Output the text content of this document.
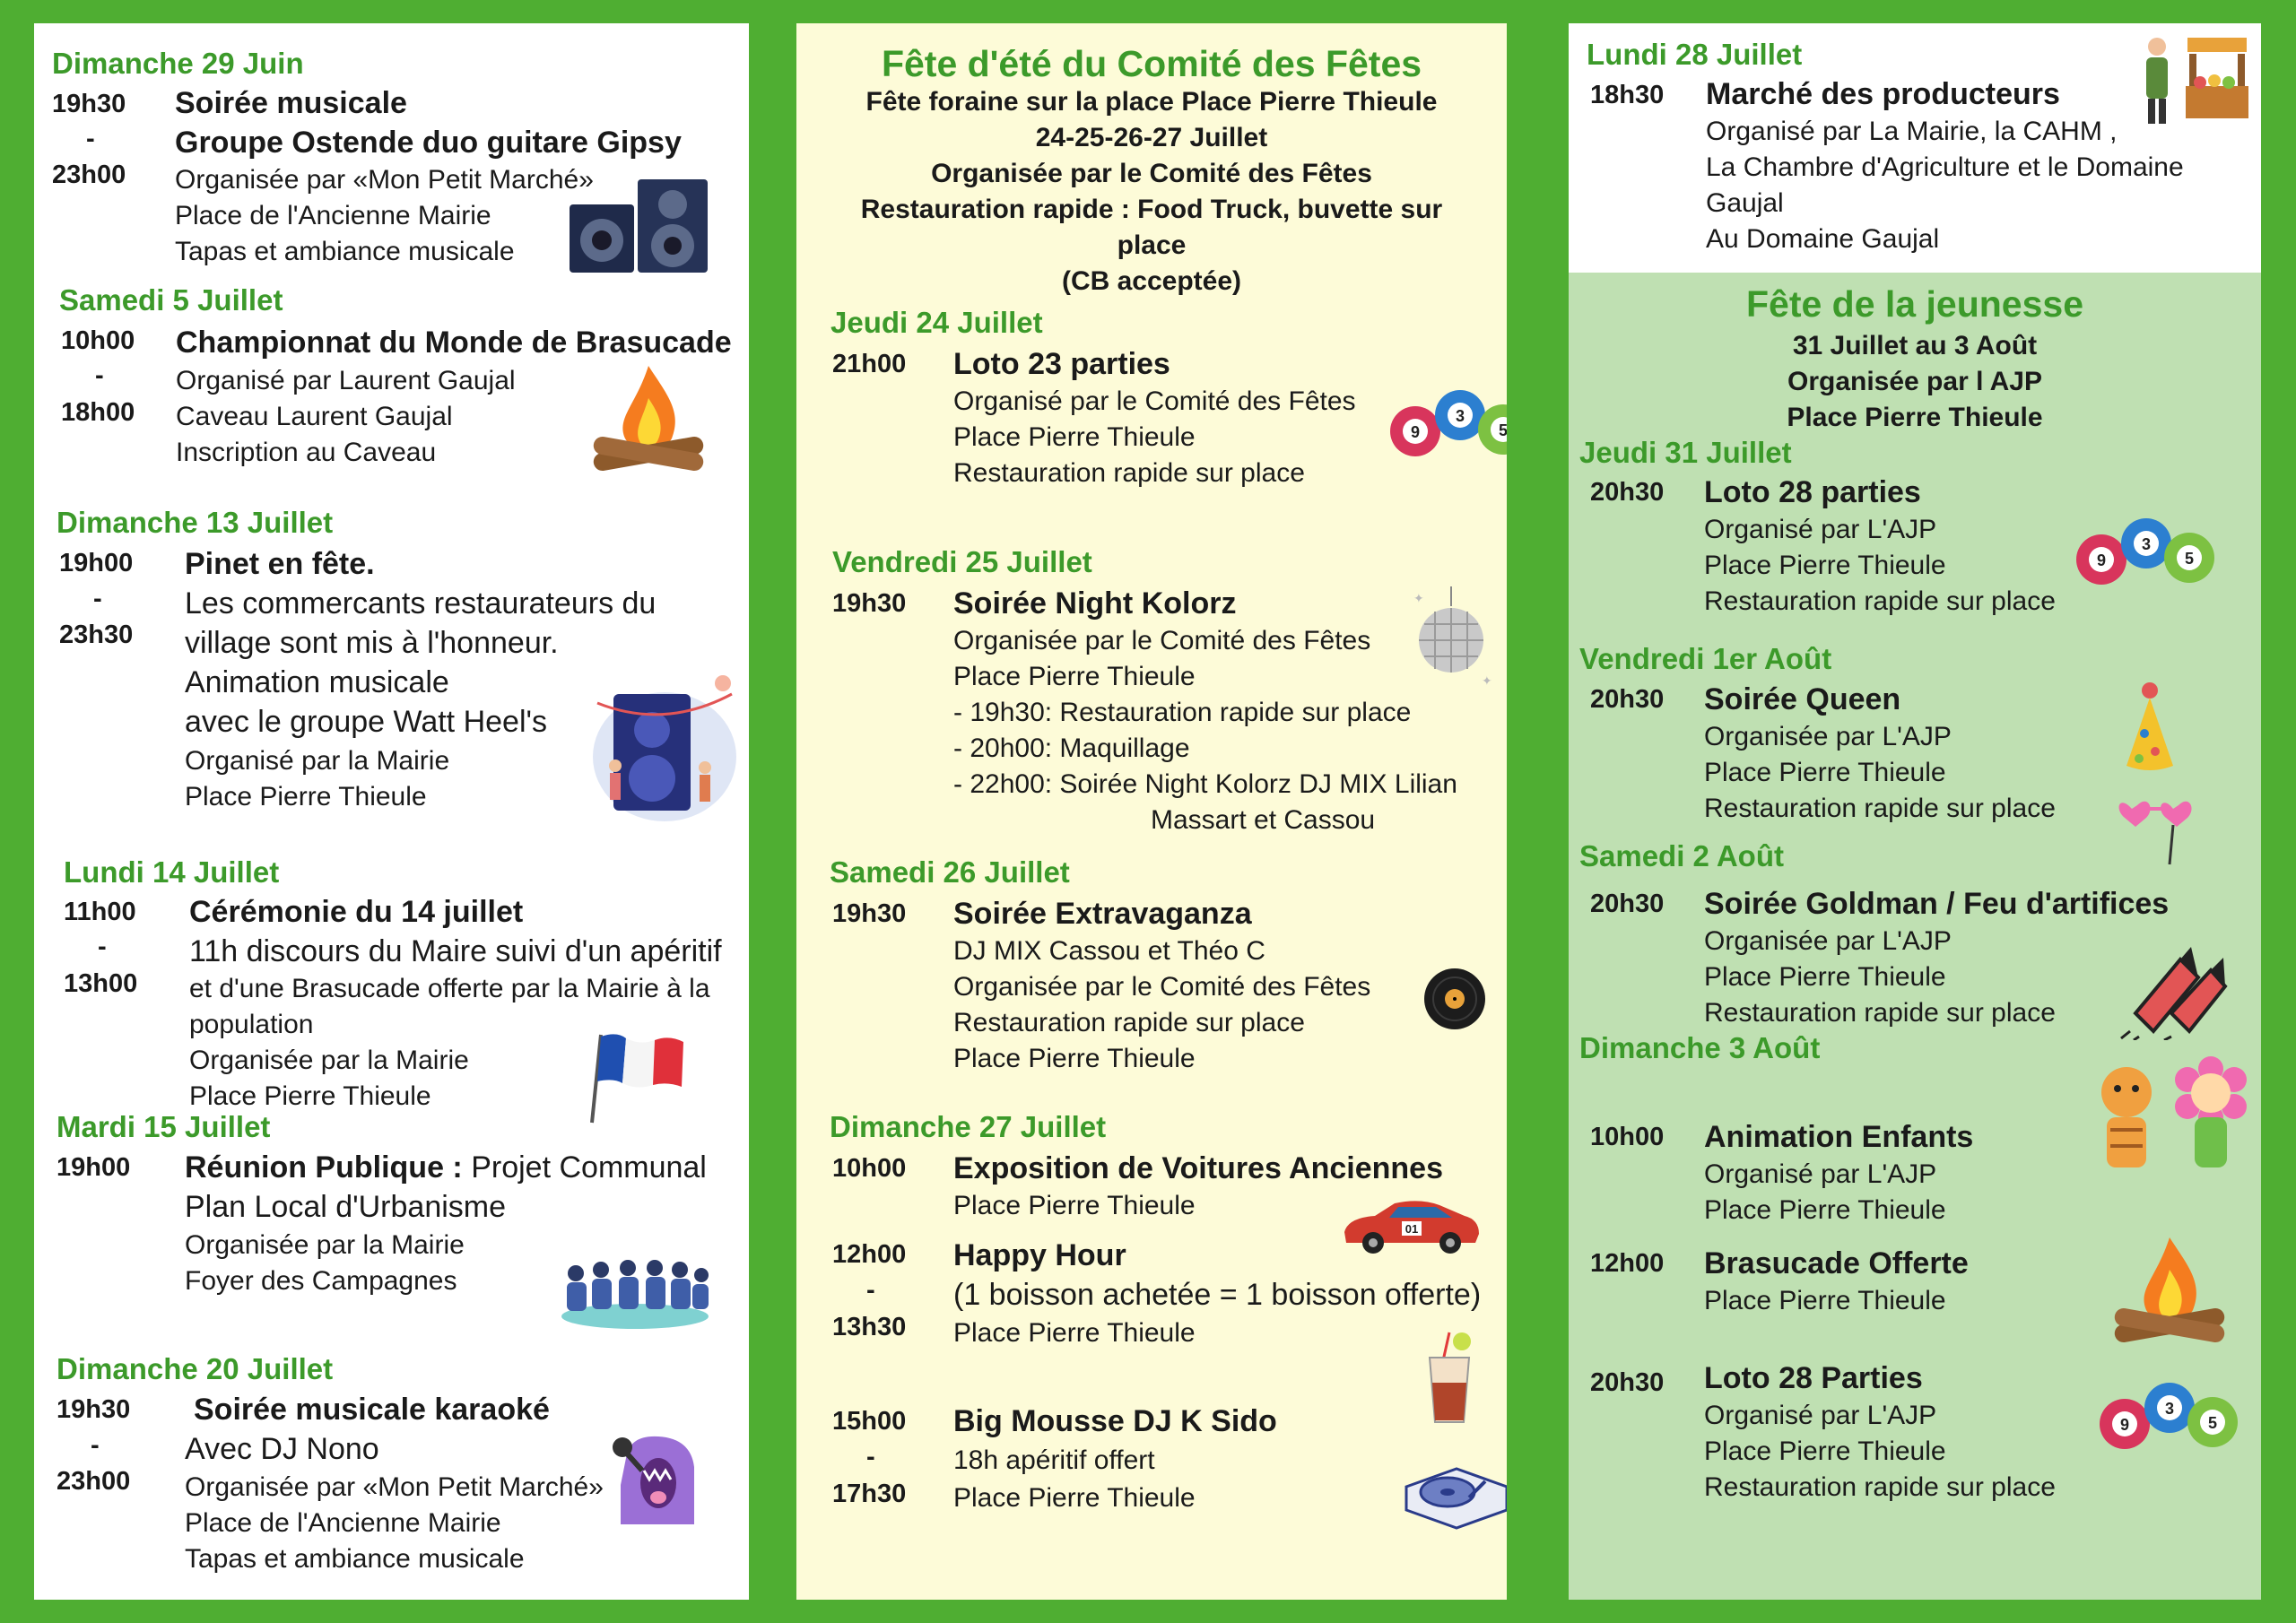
Dimanche 29 Juin
19h30
-
23h00
Soirée musicale
Groupe Ostende duo guitare Gipsy
Organisée par «Mon Petit Marché»
Place de l'Ancienne Mairie
Tapas et ambiance musicale
Samedi 5 Juillet
10h00
-
18h00
Championnat du Monde de Brasucade
Organisé par Laurent Gaujal
Caveau Laurent Gaujal
Inscription au Caveau
Dimanche 13 Juillet
19h00
-
23h30
Pinet en fête.
Les commercants restaurateurs du
village sont mis à l'honneur.
Animation musicale
avec le groupe Watt Heel's
Organisé par la Mairie
Place Pierre Thieule
Lundi 14 Juillet
11h00
-
13h00
Cérémonie du 14 juillet
11h discours du Maire suivi d'un apéritif
et d'une Brasucade offerte par la Mairie à la
population
Organisée par la Mairie
Place Pierre Thieule
Mardi 15 Juillet
19h00 Réunion Publique : Projet Communal
Plan Local d'Urbanisme
Organisée par la Mairie
Foyer des Campagnes
Dimanche 20 Juillet
19h30
-
23h00
Soirée musicale karaoké
Avec DJ Nono
Organisée par «Mon Petit Marché»
Place de l'Ancienne Mairie
Tapas et ambiance musicale
Fête d'été du Comité des Fêtes
Fête foraine sur la place Place Pierre Thieule
24-25-26-27 Juillet
Organisée par le Comité des Fêtes
Restauration rapide : Food Truck, buvette sur
place
(CB acceptée)
Jeudi 24 Juillet
21h00 Loto 23 parties
Organisé par le Comité des Fêtes
Place Pierre Thieule
Restauration rapide sur place
9
3
5
Vendredi 25 Juillet
19h30 Soirée Night Kolorz
Organisée par le Comité des Fêtes
Place Pierre Thieule
- 19h30: Restauration rapide sur place
- 20h00: Maquillage
- 22h00: Soirée Night Kolorz DJ MIX Lilian
Massart et Cassou
✦
✦
Samedi 26 Juillet
19h30 Soirée Extravaganza
DJ MIX Cassou et Théo C
Organisée par le Comité des Fêtes
Restauration rapide sur place
Place Pierre Thieule
Dimanche 27 Juillet
10h00 Exposition de Voitures Anciennes
Place Pierre Thieule
01
12h00
-
13h30
Happy Hour
(1 boisson achetée = 1 boisson offerte)
Place Pierre Thieule
15h00
-
17h30
Big Mousse DJ K Sido
18h apéritif offert
Place Pierre Thieule
Lundi 28 Juillet
18h30 Marché des producteurs
Organisé par La Mairie, la CAHM ,
La Chambre d'Agriculture et le Domaine
Gaujal
Au Domaine Gaujal
Fête de la jeunesse
31 Juillet au 3 Août
Organisée par l AJP
Place Pierre Thieule
Jeudi 31 Juillet
20h30 Loto 28 parties
Organisé par L'AJP
Place Pierre Thieule
Restauration rapide sur place
9
3
5
Vendredi 1er Août
20h30 Soirée Queen
Organisée par L'AJP
Place Pierre Thieule
Restauration rapide sur place
Samedi 2 Août
20h30 Soirée Goldman / Feu d'artifices
Organisée par L'AJP
Place Pierre Thieule
Restauration rapide sur place
Dimanche 3 Août
10h00 Animation Enfants
Organisé par L'AJP
Place Pierre Thieule
12h00 Brasucade Offerte
Place Pierre Thieule
20h30 Loto 28 Parties
Organisé par L'AJP
Place Pierre Thieule
Restauration rapide sur place
9
3
5
